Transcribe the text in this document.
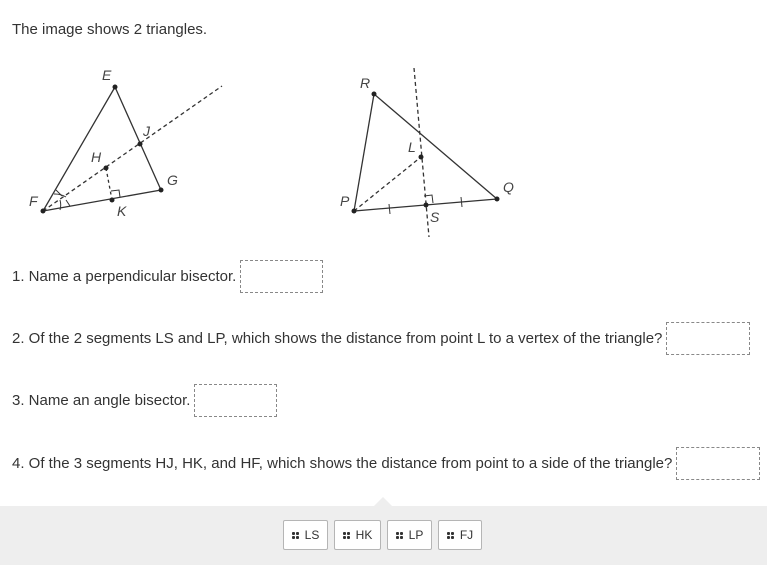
The image shows 2 triangles.

E
F
G
H
J
K
R
P
Q
L
S
1. Name a perpendicular bisector.
2. Of the 2 segments LS and LP, which shows the distance from point L to a vertex of the triangle?
3. Name an angle bisector.
4. Of the 3 segments HJ, HK, and HF, which shows the distance from point to a side of the triangle?
LS	HK	LP	FJ
